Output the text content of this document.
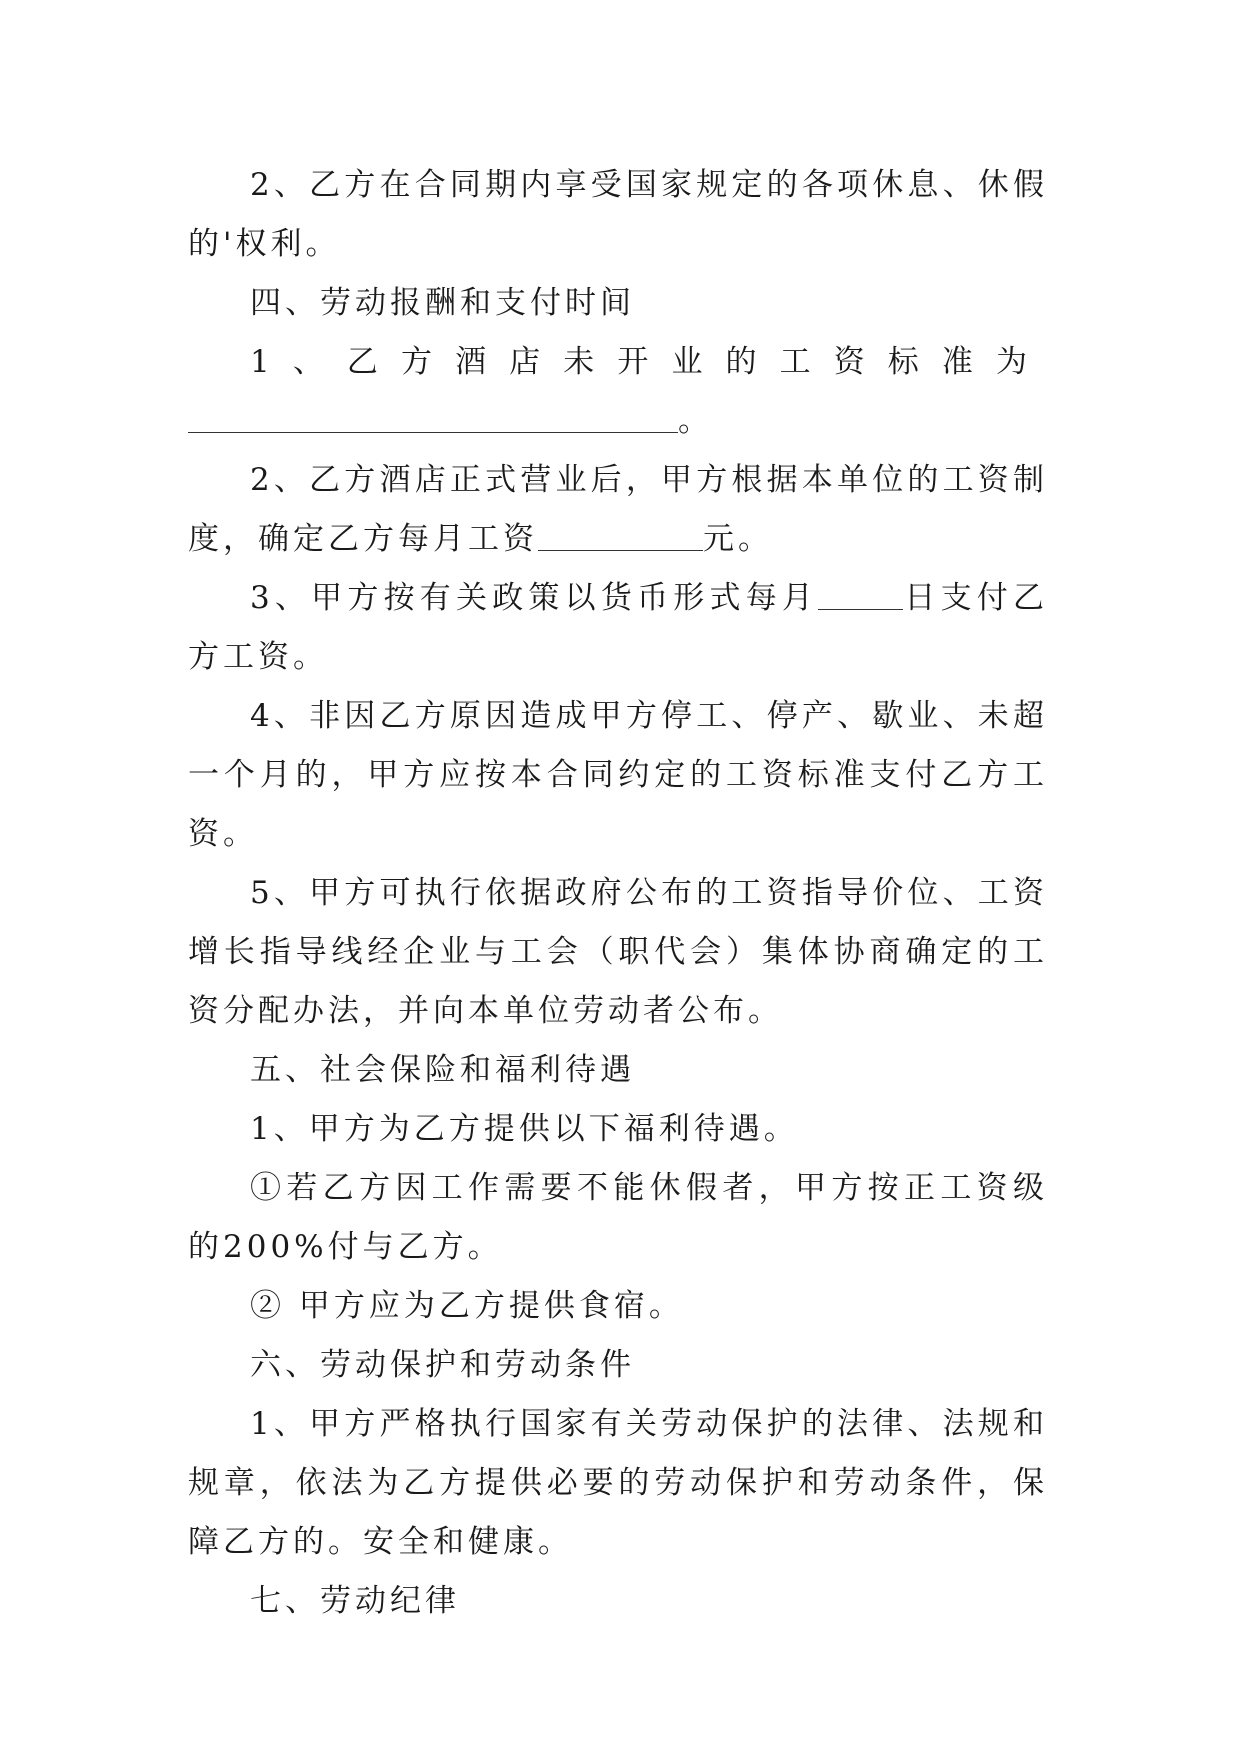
2、乙方在合同期内享受国家规定的各项休息、休假的'权利。

四、劳动报酬和支付时间

1、乙方酒店未开业的工资标准为。

2、乙方酒店正式营业后，甲方根据本单位的工资制度，确定乙方每月工资	元。

3、甲方按有关政策以货币形式每月	日支付乙方工资。

4、非因乙方原因造成甲方停工、停产、歇业、未超一个月的，甲方应按本合同约定的工资标准支付乙方工资。

5、甲方可执行依据政府公布的工资指导价位、工资增长指导线经企业与工会（职代会）集体协商确定的工资分配办法，并向本单位劳动者公布。

五、社会保险和福利待遇

1、甲方为乙方提供以下福利待遇。

①若乙方因工作需要不能休假者，甲方按正工资级的200%付与乙方。

② 甲方应为乙方提供食宿。

六、劳动保护和劳动条件

1、甲方严格执行国家有关劳动保护的法律、法规和规章，依法为乙方提供必要的劳动保护和劳动条件，保障乙方的。安全和健康。

七、劳动纪律
